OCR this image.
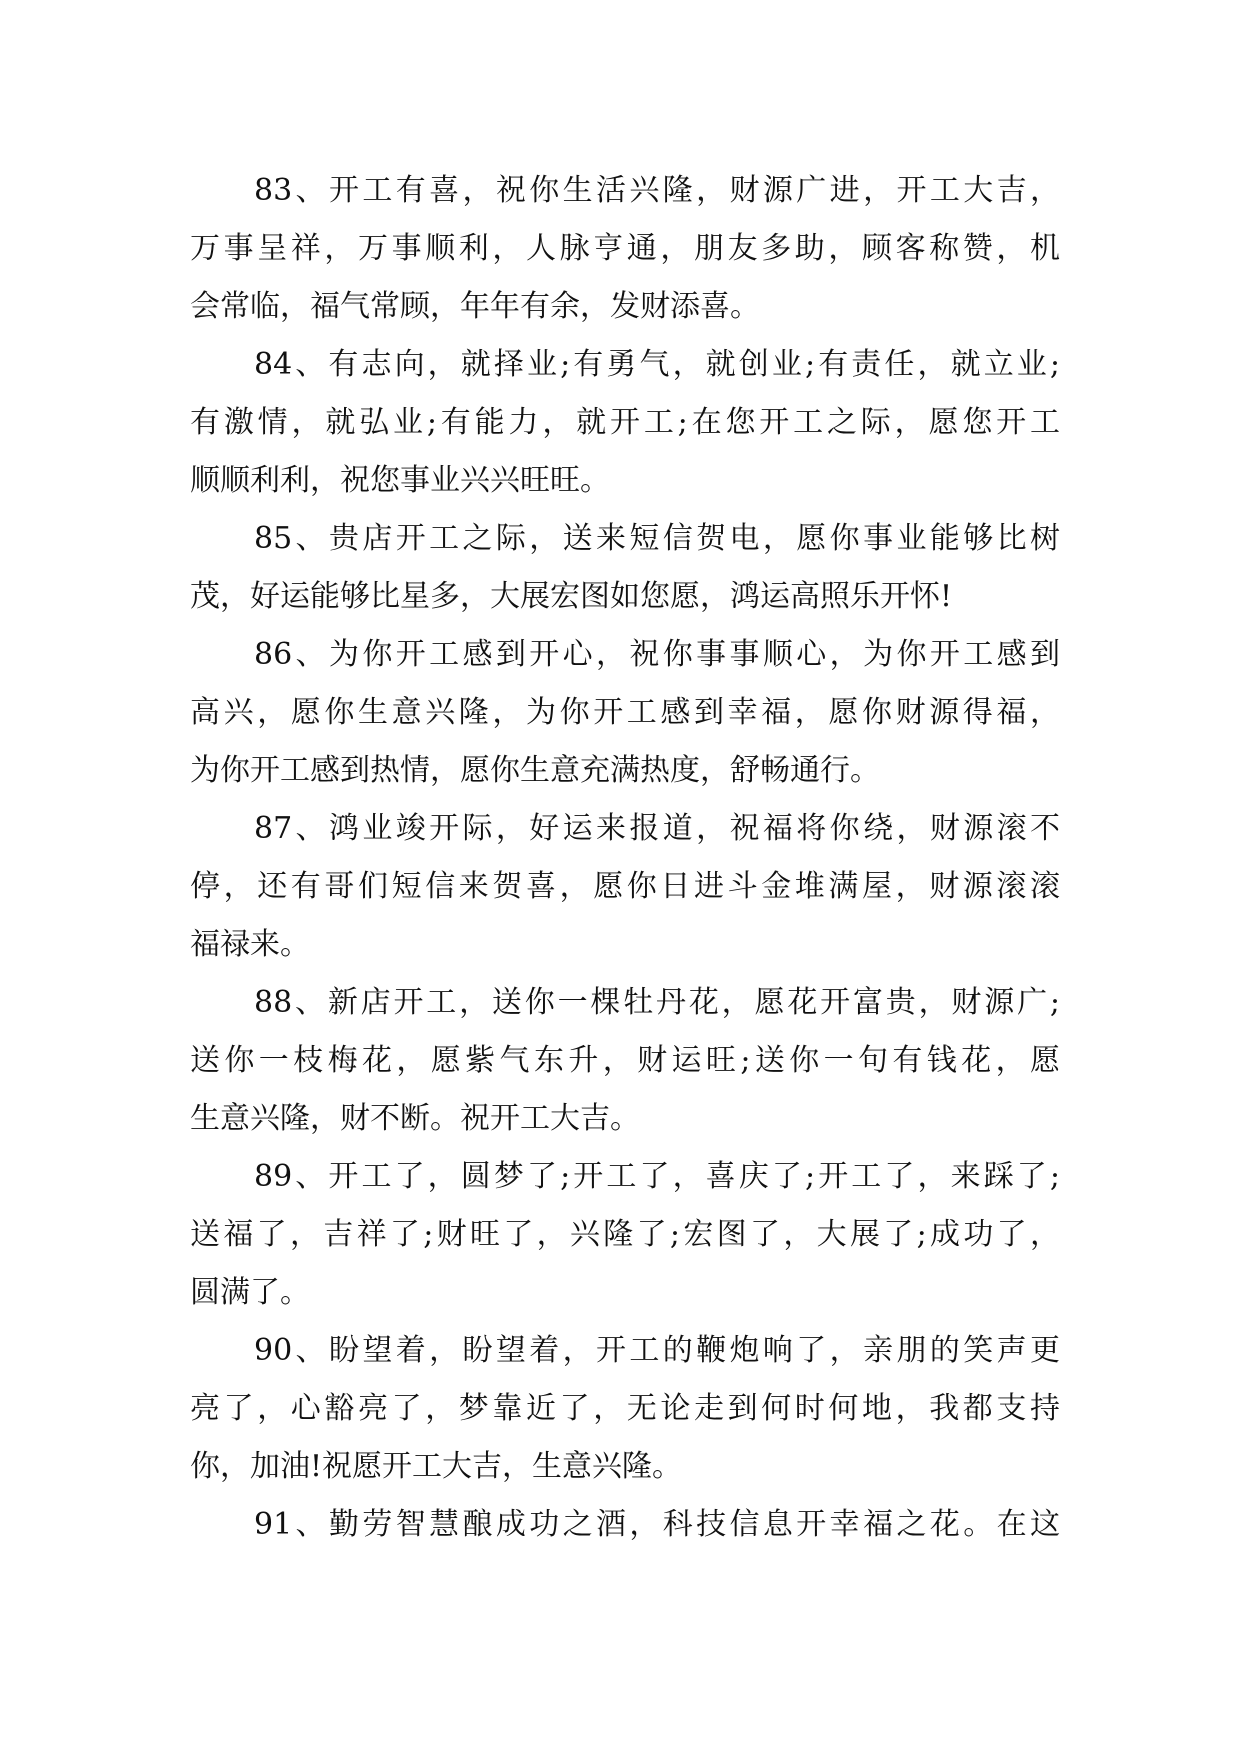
83、开工有喜，祝你生活兴隆，财源广进，开工大吉，
万事呈祥，万事顺利，人脉亨通，朋友多助，顾客称赞，机
会常临，福气常顾，年年有余，发财添喜。
84、有志向，就择业;有勇气，就创业;有责任，就立业;
有激情，就弘业;有能力，就开工;在您开工之际，愿您开工
顺顺利利，祝您事业兴兴旺旺。
85、贵店开工之际，送来短信贺电，愿你事业能够比树
茂，好运能够比星多，大展宏图如您愿，鸿运高照乐开怀!
86、为你开工感到开心，祝你事事顺心，为你开工感到
高兴，愿你生意兴隆，为你开工感到幸福，愿你财源得福，
为你开工感到热情，愿你生意充满热度，舒畅通行。
87、鸿业竣开际，好运来报道，祝福将你绕，财源滚不
停，还有哥们短信来贺喜，愿你日进斗金堆满屋，财源滚滚
福禄来。
88、新店开工，送你一棵牡丹花，愿花开富贵，财源广;
送你一枝梅花，愿紫气东升，财运旺;送你一句有钱花，愿
生意兴隆，财不断。祝开工大吉。
89、开工了，圆梦了;开工了，喜庆了;开工了，来踩了;
送福了，吉祥了;财旺了，兴隆了;宏图了，大展了;成功了，
圆满了。
90、盼望着，盼望着，开工的鞭炮响了，亲朋的笑声更
亮了，心豁亮了，梦靠近了，无论走到何时何地，我都支持
你，加油!祝愿开工大吉，生意兴隆。
91、勤劳智慧酿成功之酒，科技信息开幸福之花。在这
